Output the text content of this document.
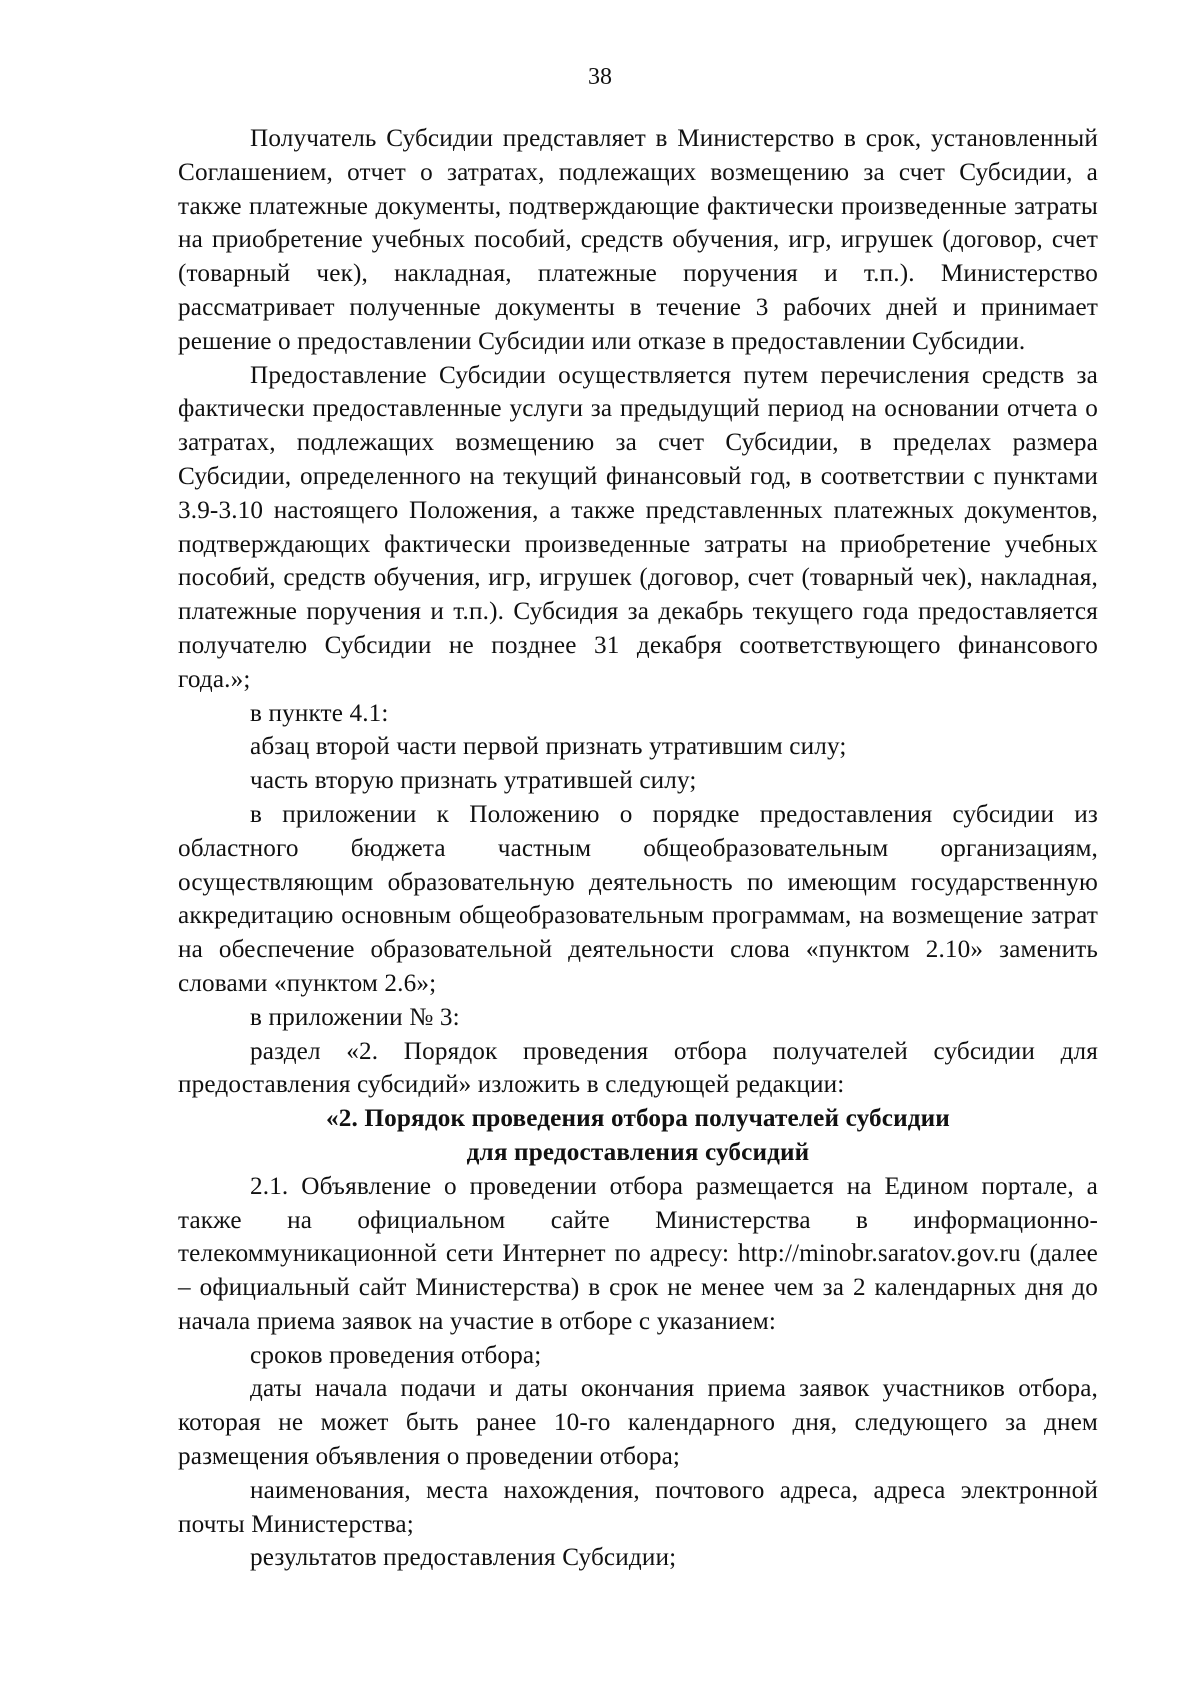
38

Получатель Субсидии представляет в Министерство в срок, установленный Соглашением, отчет о затратах, подлежащих возмещению за счет Субсидии, а также платежные документы, подтверждающие фактически произведенные затраты на приобретение учебных пособий, средств обучения, игр, игрушек (договор, счет (товарный чек), накладная, платежные поручения и т.п.). Министерство рассматривает полученные документы в течение 3 рабочих дней и принимает решение о предоставлении Субсидии или отказе в предоставлении Субсидии.

Предоставление Субсидии осуществляется путем перечисления средств за фактически предоставленные услуги за предыдущий период на основании отчета о затратах, подлежащих возмещению за счет Субсидии, в пределах размера Субсидии, определенного на текущий финансовый год, в соответствии с пунктами 3.9-3.10 настоящего Положения, а также представленных платежных документов, подтверждающих фактически произведенные затраты на приобретение учебных пособий, средств обучения, игр, игрушек (договор, счет (товарный чек), накладная, платежные поручения и т.п.). Субсидия за декабрь текущего года предоставляется получателю Субсидии не позднее 31 декабря соответствующего финансового года.»;

в пункте 4.1:

абзац второй части первой признать утратившим силу;

часть вторую признать утратившей силу;

в приложении к Положению о порядке предоставления субсидии из областного бюджета частным общеобразовательным организациям, осуществляющим образовательную деятельность по имеющим государственную аккредитацию основным общеобразовательным программам, на возмещение затрат на обеспечение образовательной деятельности слова «пунктом 2.10» заменить словами «пунктом 2.6»;

в приложении № 3:

раздел «2. Порядок проведения отбора получателей субсидии для предоставления субсидий» изложить в следующей редакции:

«2. Порядок проведения отбора получателей субсидии

для предоставления субсидий

2.1. Объявление о проведении отбора размещается на Едином портале, а также на официальном сайте Министерства в информационно-телекоммуникационной сети Интернет по адресу: http://minobr.saratov.gov.ru (далее – официальный сайт Министерства) в срок не менее чем за 2 календарных дня до начала приема заявок на участие в отборе с указанием:

сроков проведения отбора;

даты начала подачи и даты окончания приема заявок участников отбора, которая не может быть ранее 10-го календарного дня, следующего за днем размещения объявления о проведении отбора;

наименования, места нахождения, почтового адреса, адреса электронной почты Министерства;

результатов предоставления Субсидии;
